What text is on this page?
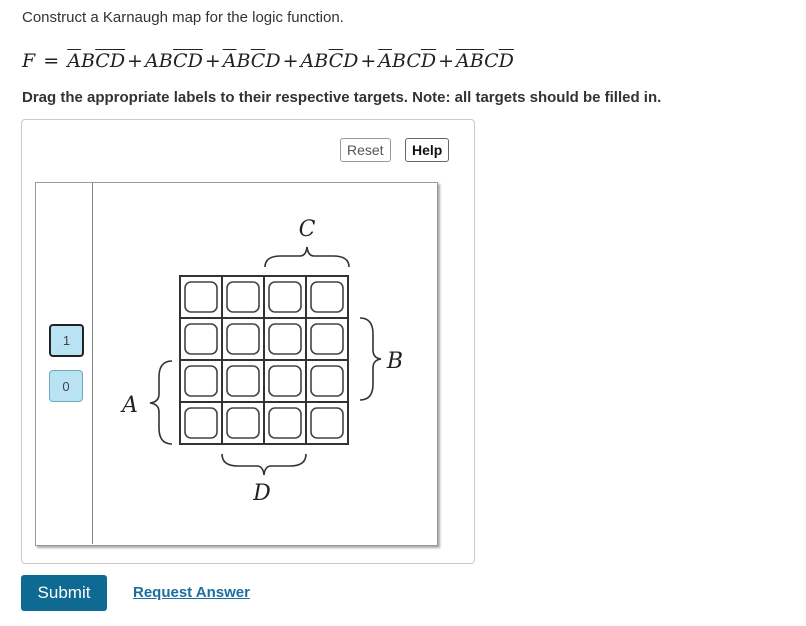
Construct a Karnaugh map for the logic function.
$F = \overline{A}B\overline{C}\overline{D} + AB\overline{C}\overline{D} + \overline{A}B\overline{C}D + AB\overline{C}D + \overline{A}BC\overline{D} + \overline{A}\overline{B}C\overline{D}$
Drag the appropriate labels to their respective targets. Note: all targets should be filled in.
Reset	Help
1
0
C
B
A
D
Submit	Request Answer
